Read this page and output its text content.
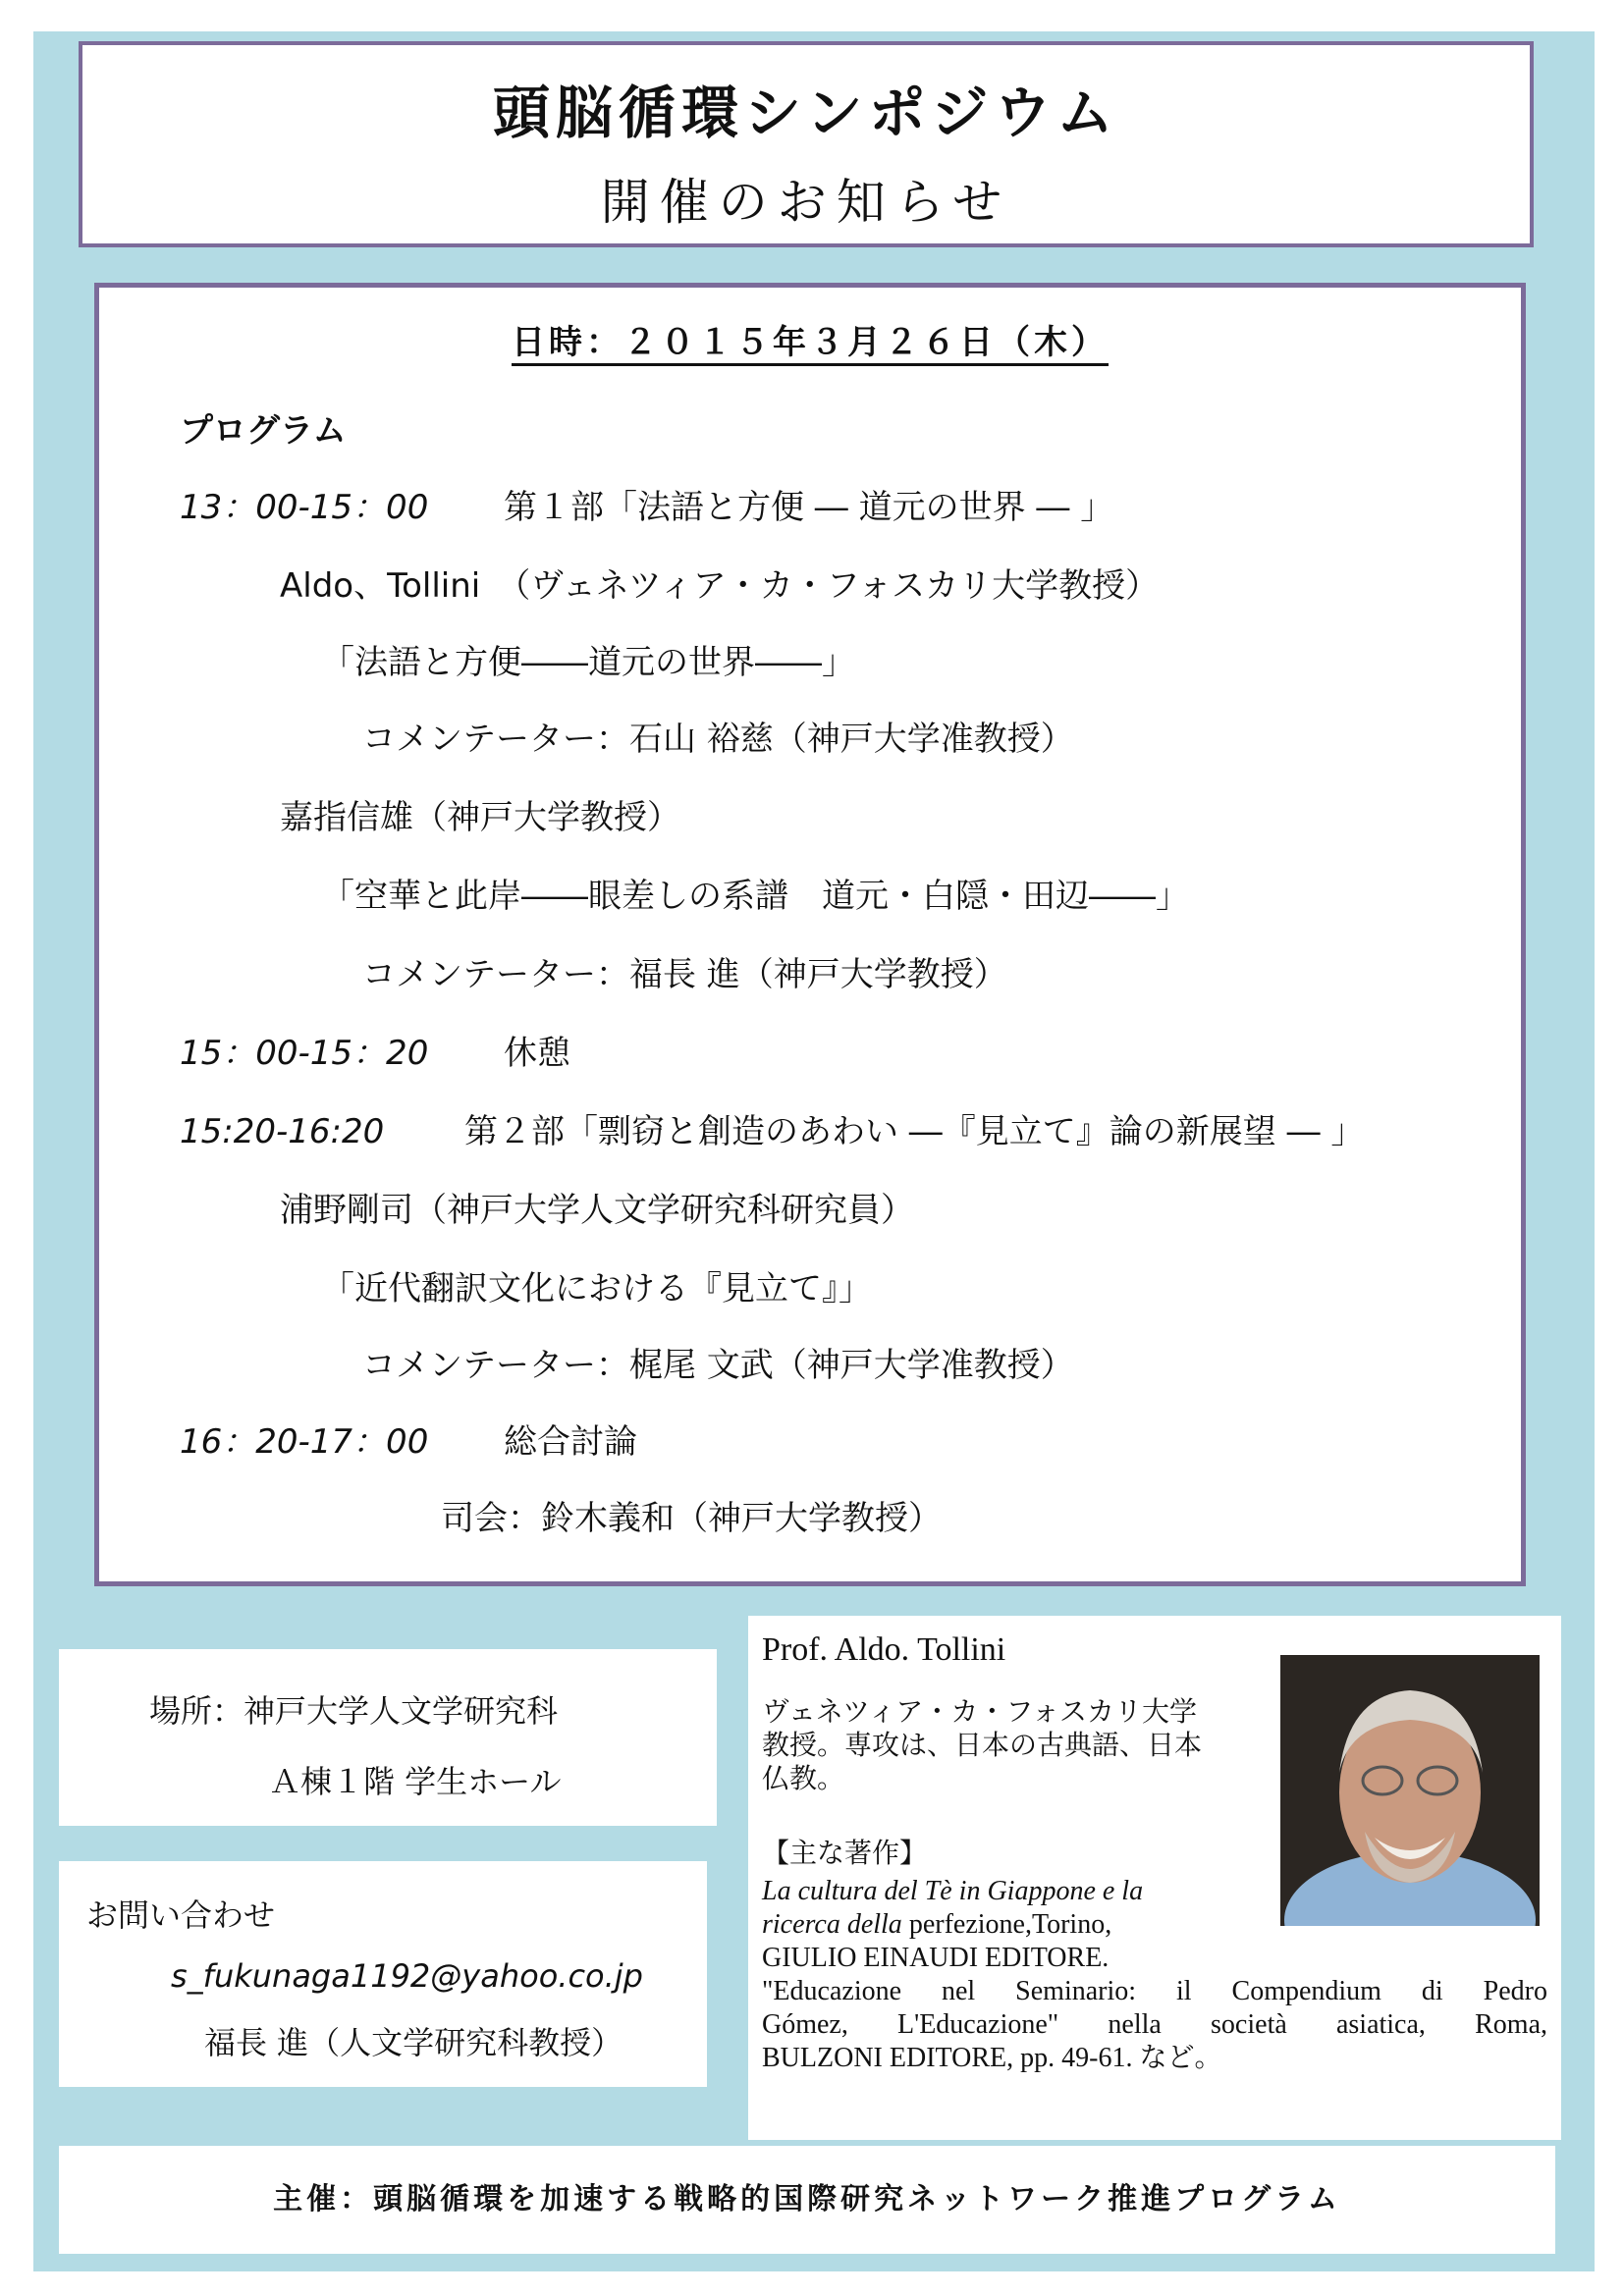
頭脳循環シンポジウム
開催のお知らせ
日時：２０１５年３月２６日（木）
プログラム
13：00-15：00 第１部「法語と方便 ― 道元の世界 ― 」
Aldo、Tollini　（ヴェネツィア・カ・フォスカリ大学教授）
「法語と方便――道元の世界――」
コメンテーター：石山 裕慈（神戸大学准教授）
嘉指信雄（神戸大学教授）
「空華と此岸――眼差しの系譜　道元・白隠・田辺――」
コメンテーター：福長 進（神戸大学教授）
15：00-15：20 休憩
15:20-16:20 第２部「剽窃と創造のあわい ―『見立て』論の新展望 ― 」
浦野剛司（神戸大学人文学研究科研究員）
「近代翻訳文化における『見立て』」
コメンテーター：梶尾 文武（神戸大学准教授）
16：20-17：00 総合討論
司会：鈴木義和（神戸大学教授）
場所：神戸大学人文学研究科
Ａ棟１階 学生ホール
お問い合わせ
s_fukunaga1192@yahoo.co.jp
福長 進（人文学研究科教授）
Prof. Aldo. Tollini
ヴェネツィア・カ・フォスカリ大学
教授。専攻は、日本の古典語、日本
仏教。
【主な著作】
La cultura del Tè in Giappone e la
ricerca della perfezione,Torino,
GIULIO EINAUDI EDITORE.
"Educazione nel Seminario: il Compendium di Pedro
Gómez, L'Educazione" nella società asiatica, Roma,
BULZONI EDITORE, pp. 49-61. など。
主催：頭脳循環を加速する戦略的国際研究ネットワーク推進プログラム
